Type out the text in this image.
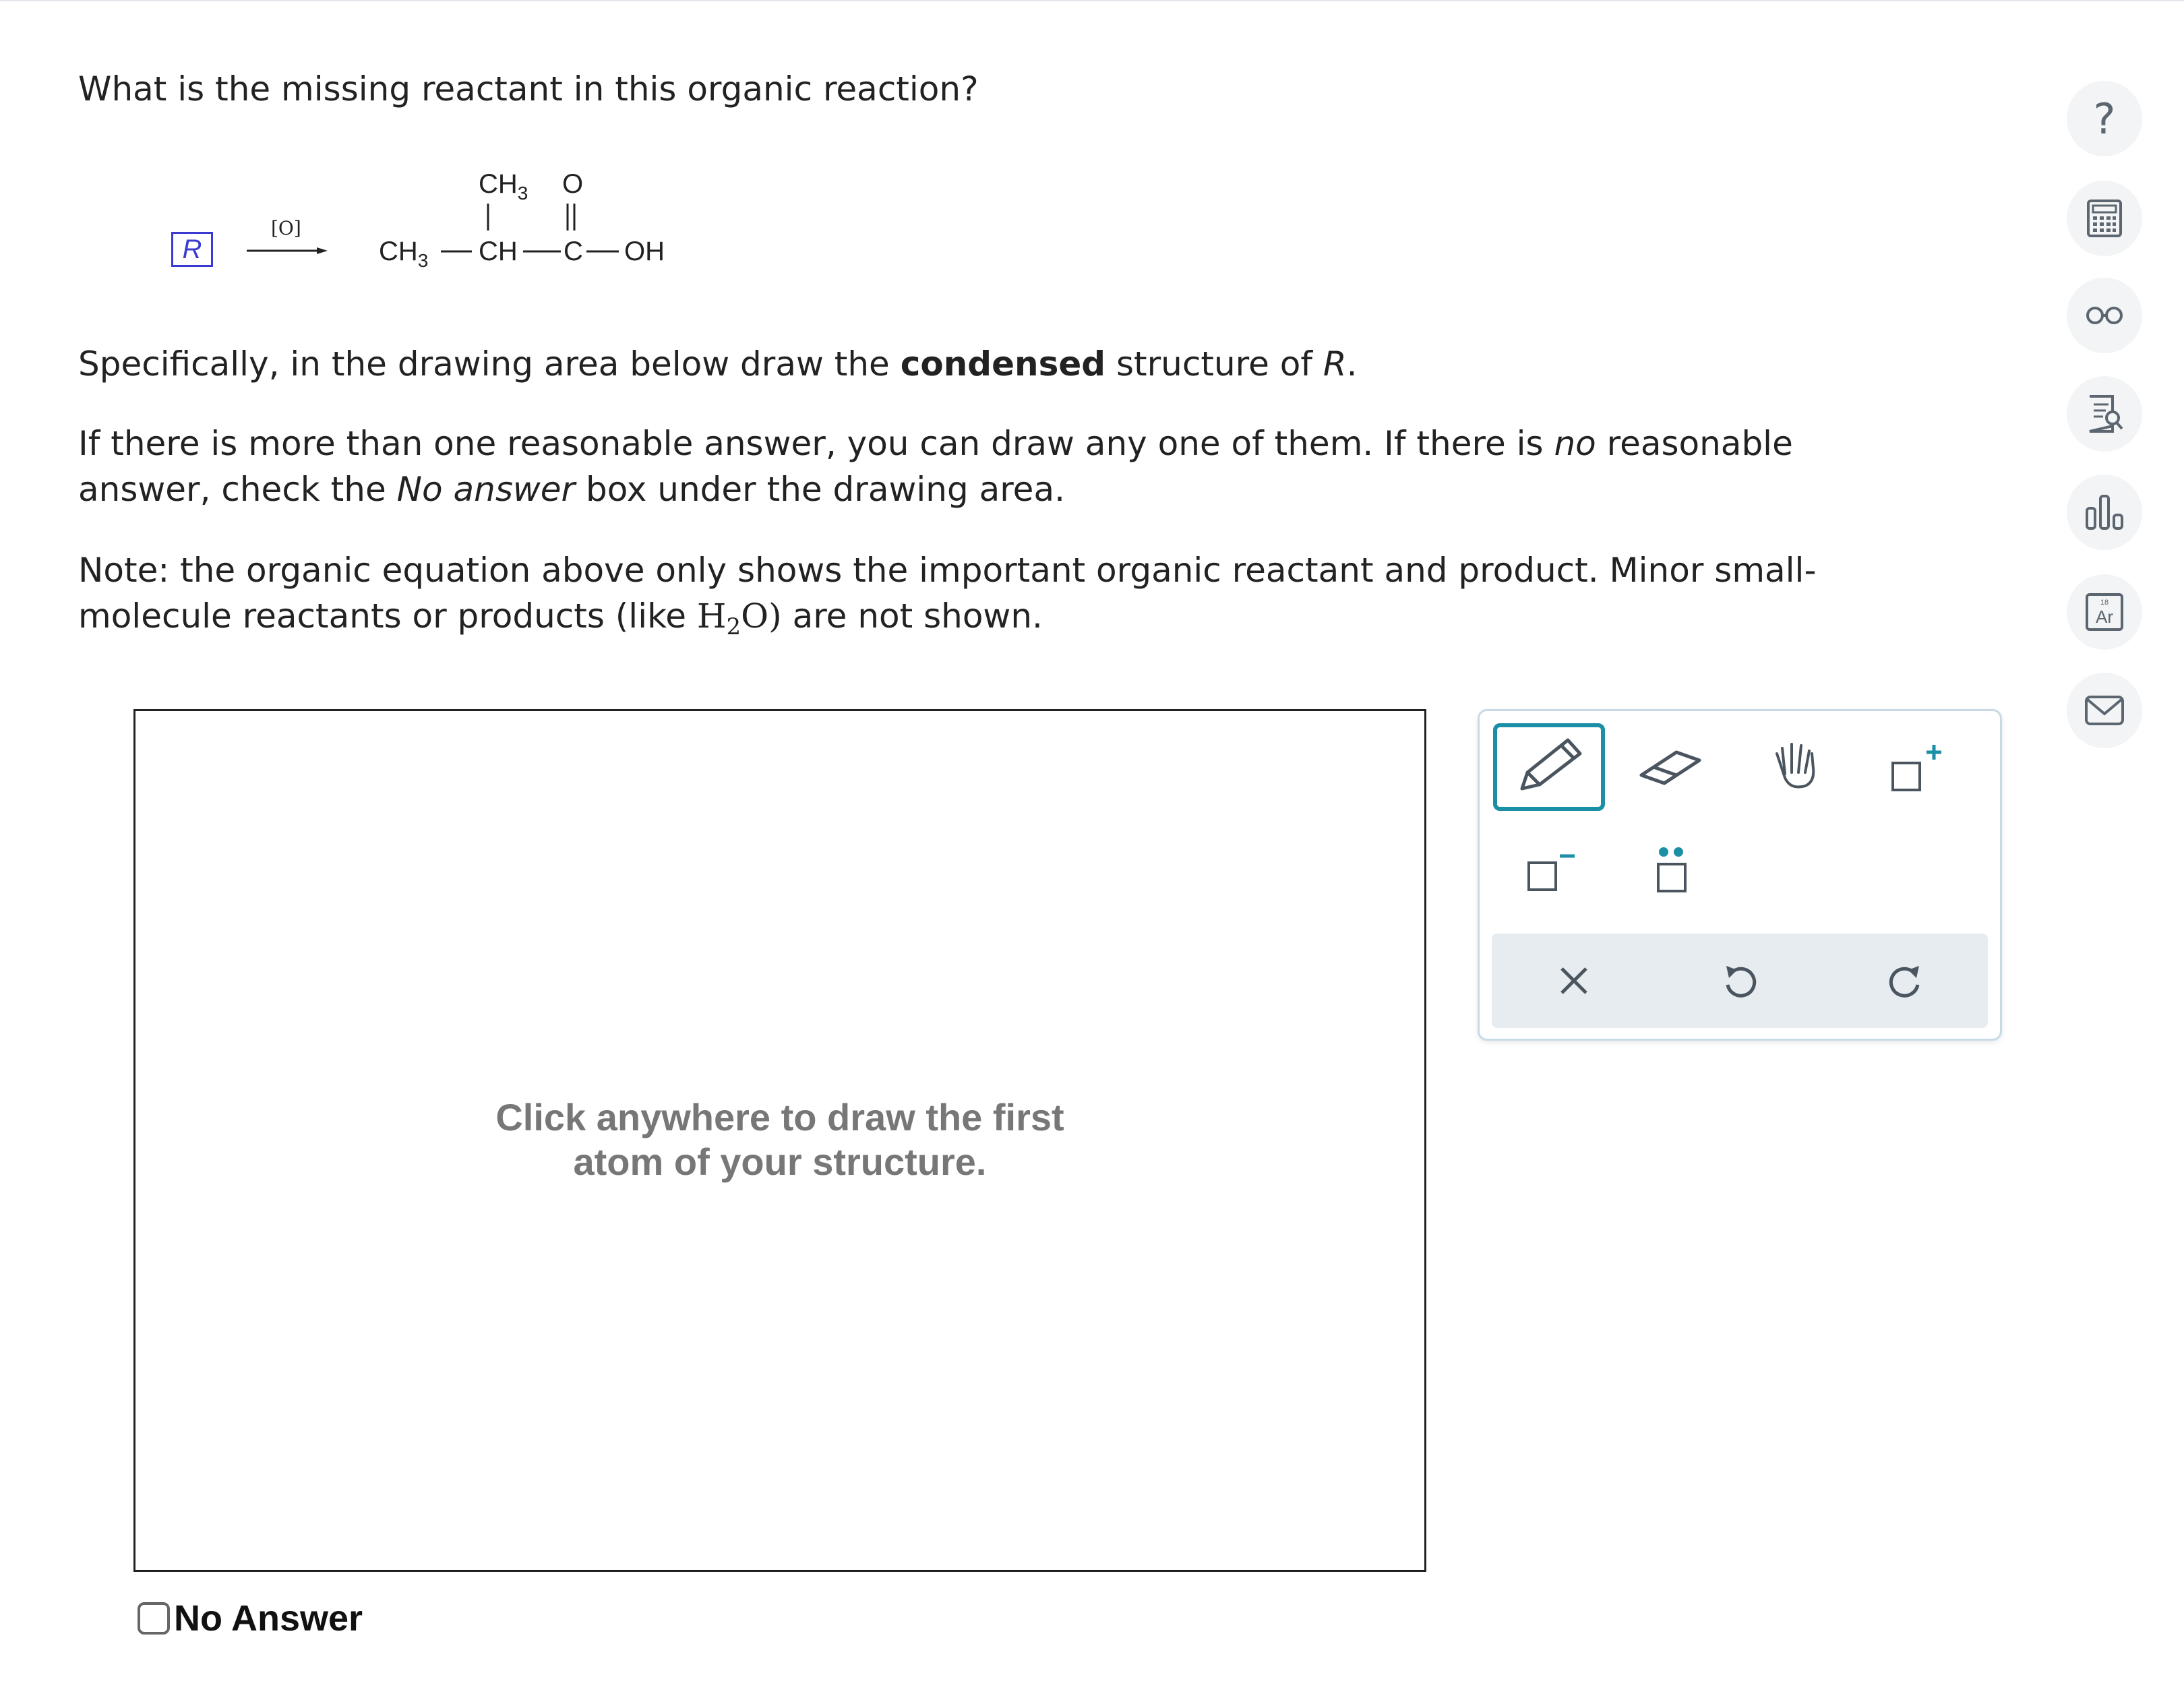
What is the missing reactant in this organic reaction?

R
[O]
$CH_3$ O
$CH_3$ CH C OH

Specifically, in the drawing area below draw the condensed structure of R.

If there is more than one reasonable answer, you can draw any one of them. If there is no reasonable answer, check the No answer box under the drawing area.

Note: the organic equation above only shows the important organic reactant and product. Minor small-molecule reactants or products (like $H_2O$) are not shown.

Click anywhere to draw the first
atom of your structure.
No Answer
?
18
Ar
